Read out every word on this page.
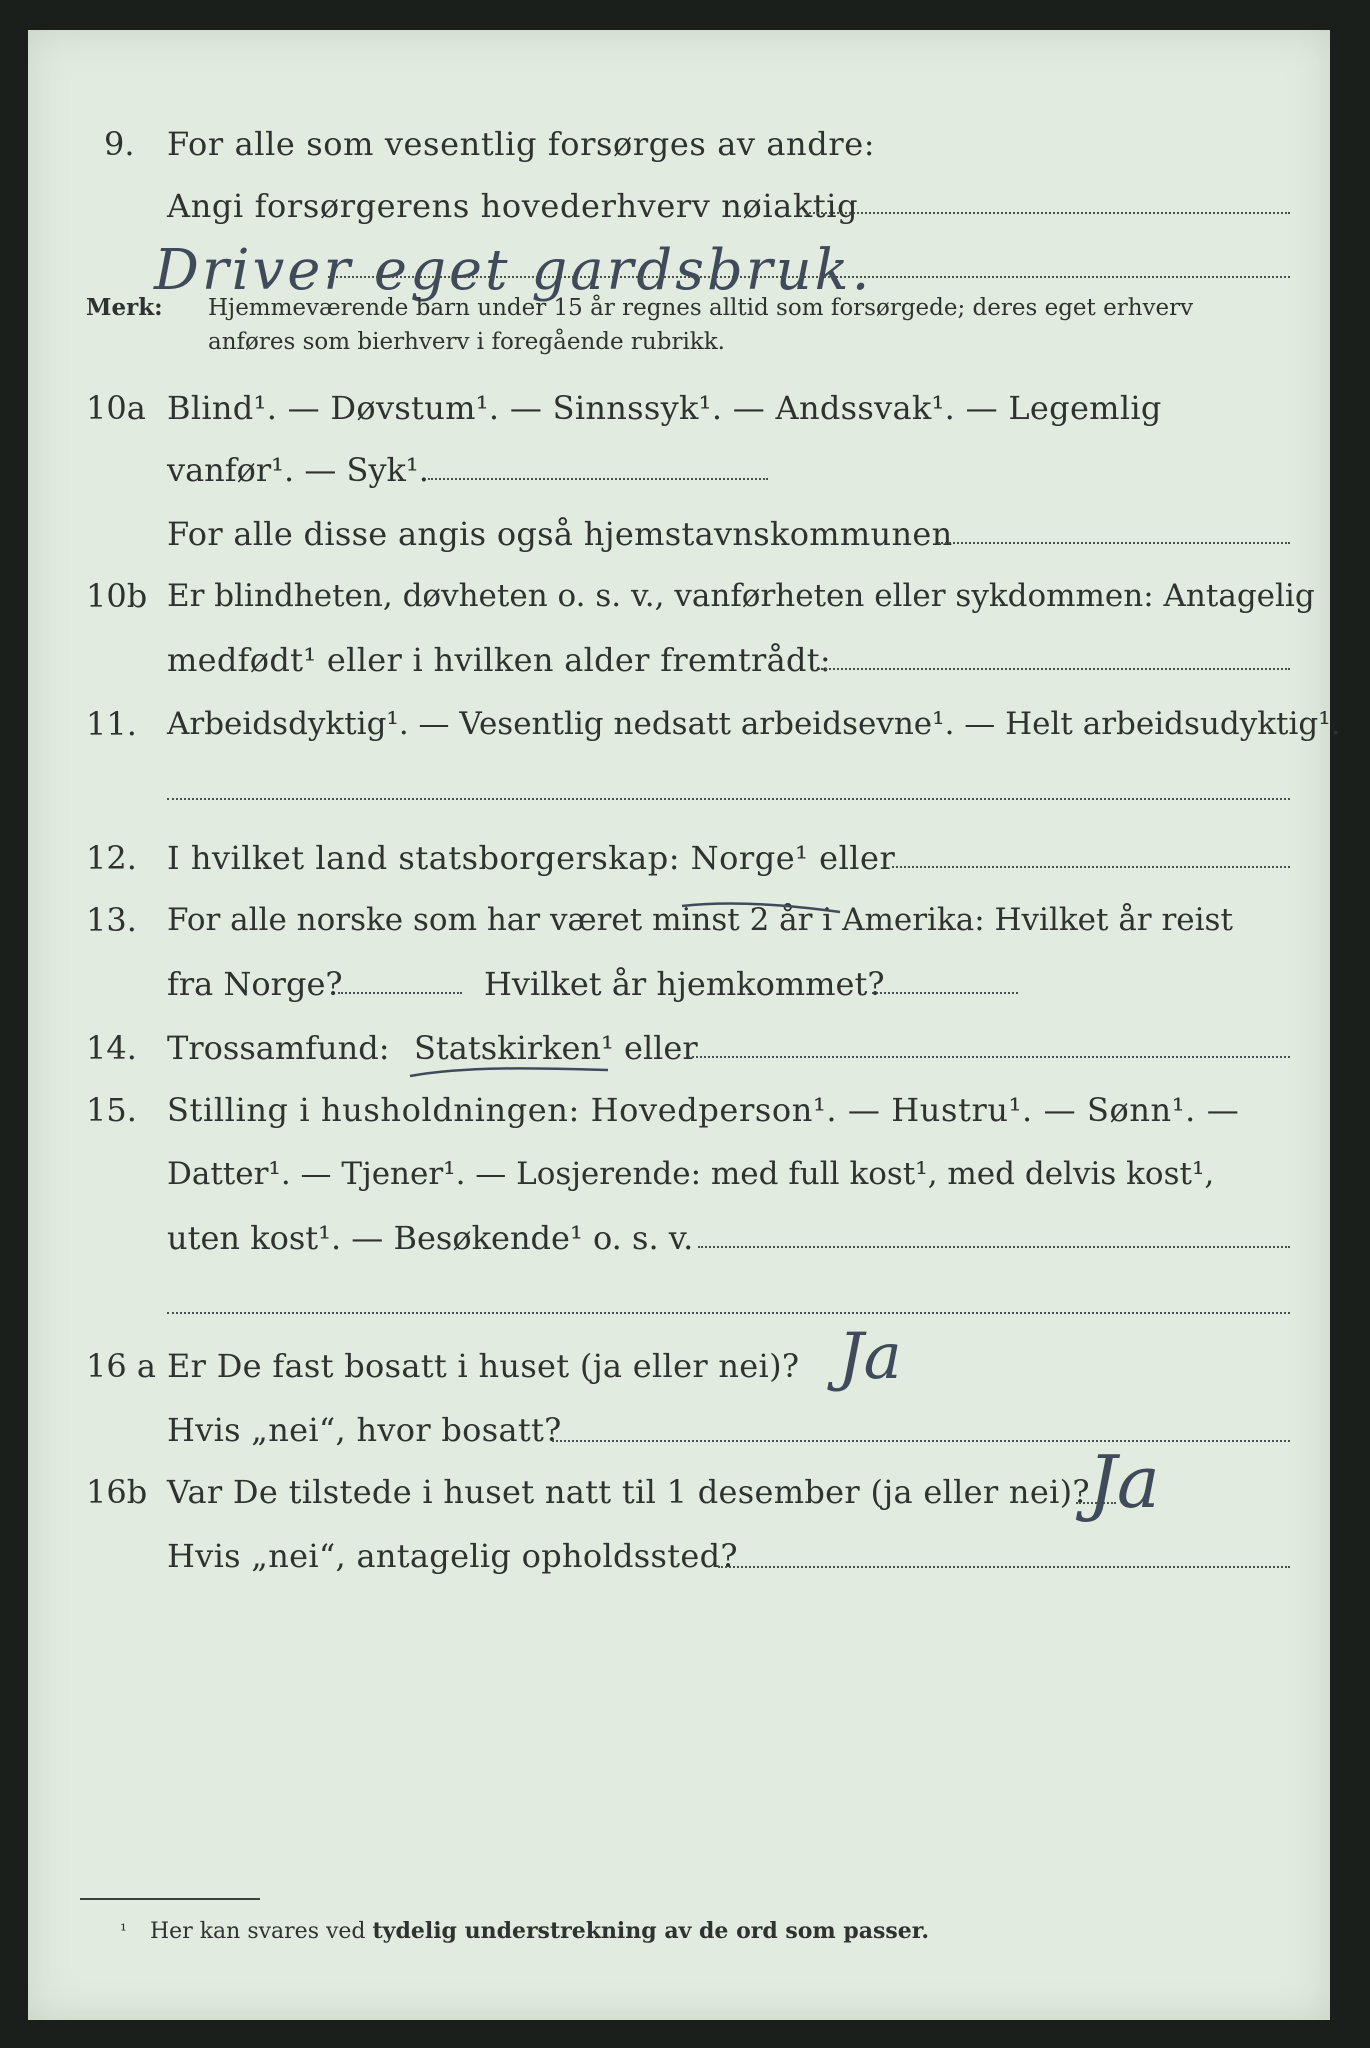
9. For alle som vesentlig forsørges av andre:
Angi forsørgerens hovederhverv nøiaktig
Driver eget gardsbruk.
Merk: Hjemmeværende barn under 15 år regnes alltid som forsørgede; deres eget erhverv
anføres som bierhverv i foregående rubrikk.
10a Blind¹. — Døvstum¹. — Sinnssyk¹. — Andssvak¹. — Legemlig
vanfør¹. — Syk¹.
For alle disse angis også hjemstavnskommunen
10b Er blindheten, døvheten o. s. v., vanførheten eller sykdommen: Antagelig
medfødt¹ eller i hvilken alder fremtrådt:
11. Arbeidsdyktig¹. — Vesentlig nedsatt arbeidsevne¹. — Helt arbeidsudyktig¹.
12. I hvilket land statsborgerskap: Norge¹ eller
13. For alle norske som har været minst 2 år i Amerika: Hvilket år reist
fra Norge?	Hvilket år hjemkommet?
14. Trossamfund: Statskirken¹ eller
15. Stilling i husholdningen: Hovedperson¹. — Hustru¹. — Sønn¹. —
Datter¹. — Tjener¹. — Losjerende: med full kost¹, med delvis kost¹,
uten kost¹. — Besøkende¹ o. s. v.
16 a Er De fast bosatt i huset (ja eller nei)? Ja
Hvis „nei“, hvor bosatt?
16b Var De tilstede i huset natt til 1 desember (ja eller nei)?
Ja
Hvis „nei“, antagelig opholdssted?
¹ Her kan svares ved tydelig understrekning av de ord som passer.
